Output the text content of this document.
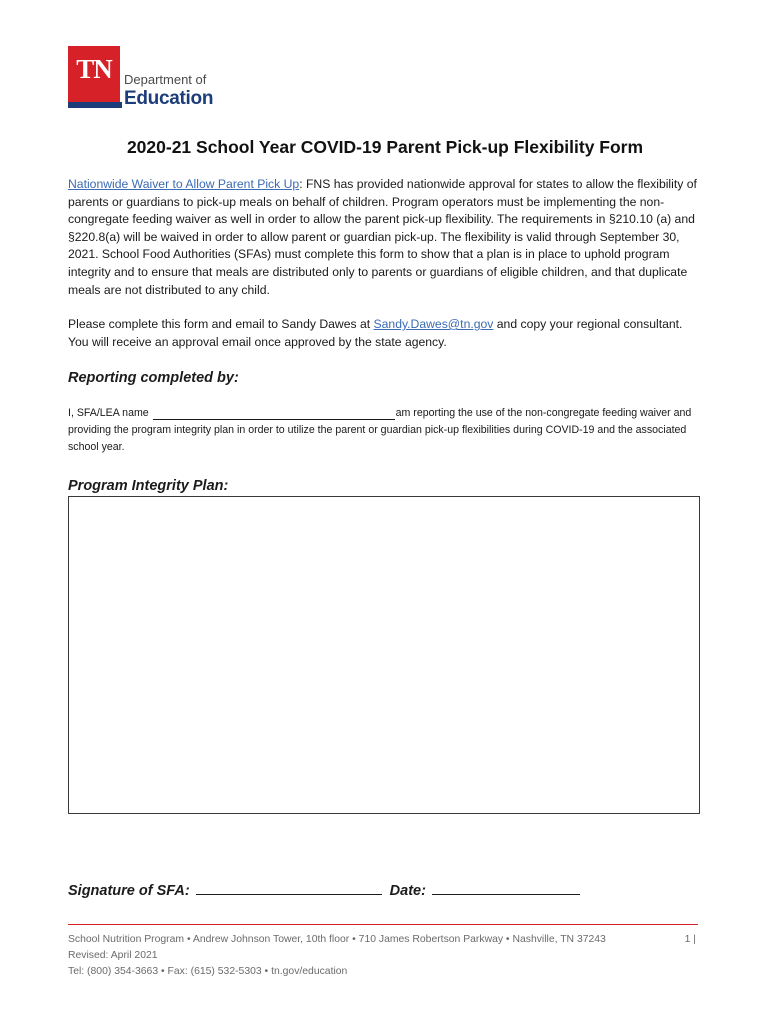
TN Department of
Education
2020-21 School Year COVID-19 Parent Pick-up Flexibility Form
Nationwide Waiver to Allow Parent Pick Up: FNS has provided nationwide approval for states to allow the flexibility of parents or guardians to pick-up meals on behalf of children. Program operators must be implementing the non-congregate feeding waiver as well in order to allow the parent pick-up flexibility. The requirements in §210.10 (a) and §220.8(a) will be waived in order to allow parent or guardian pick-up. The flexibility is valid through September 30, 2021. School Food Authorities (SFAs) must complete this form to show that a plan is in place to uphold program integrity and to ensure that meals are distributed only to parents or guardians of eligible children, and that duplicate meals are not distributed to any child.
Please complete this form and email to Sandy Dawes at Sandy.Dawes@tn.gov and copy your regional consultant. You will receive an approval email once approved by the state agency.
Reporting completed by:
I, SFA/LEA name	am reporting the use of the non-congregate feeding waiver and providing the program integrity plan in order to utilize the parent or guardian pick-up flexibilities during COVID-19 and the associated school year.
Program Integrity Plan:
Signature of SFA:	Date:
School Nutrition Program • Andrew Johnson Tower, 10th floor • 710 James Robertson Parkway • Nashville, TN 37243	1 |
Revised: April 2021
Tel: (800) 354-3663 • Fax: (615) 532-5303 • tn.gov/education
